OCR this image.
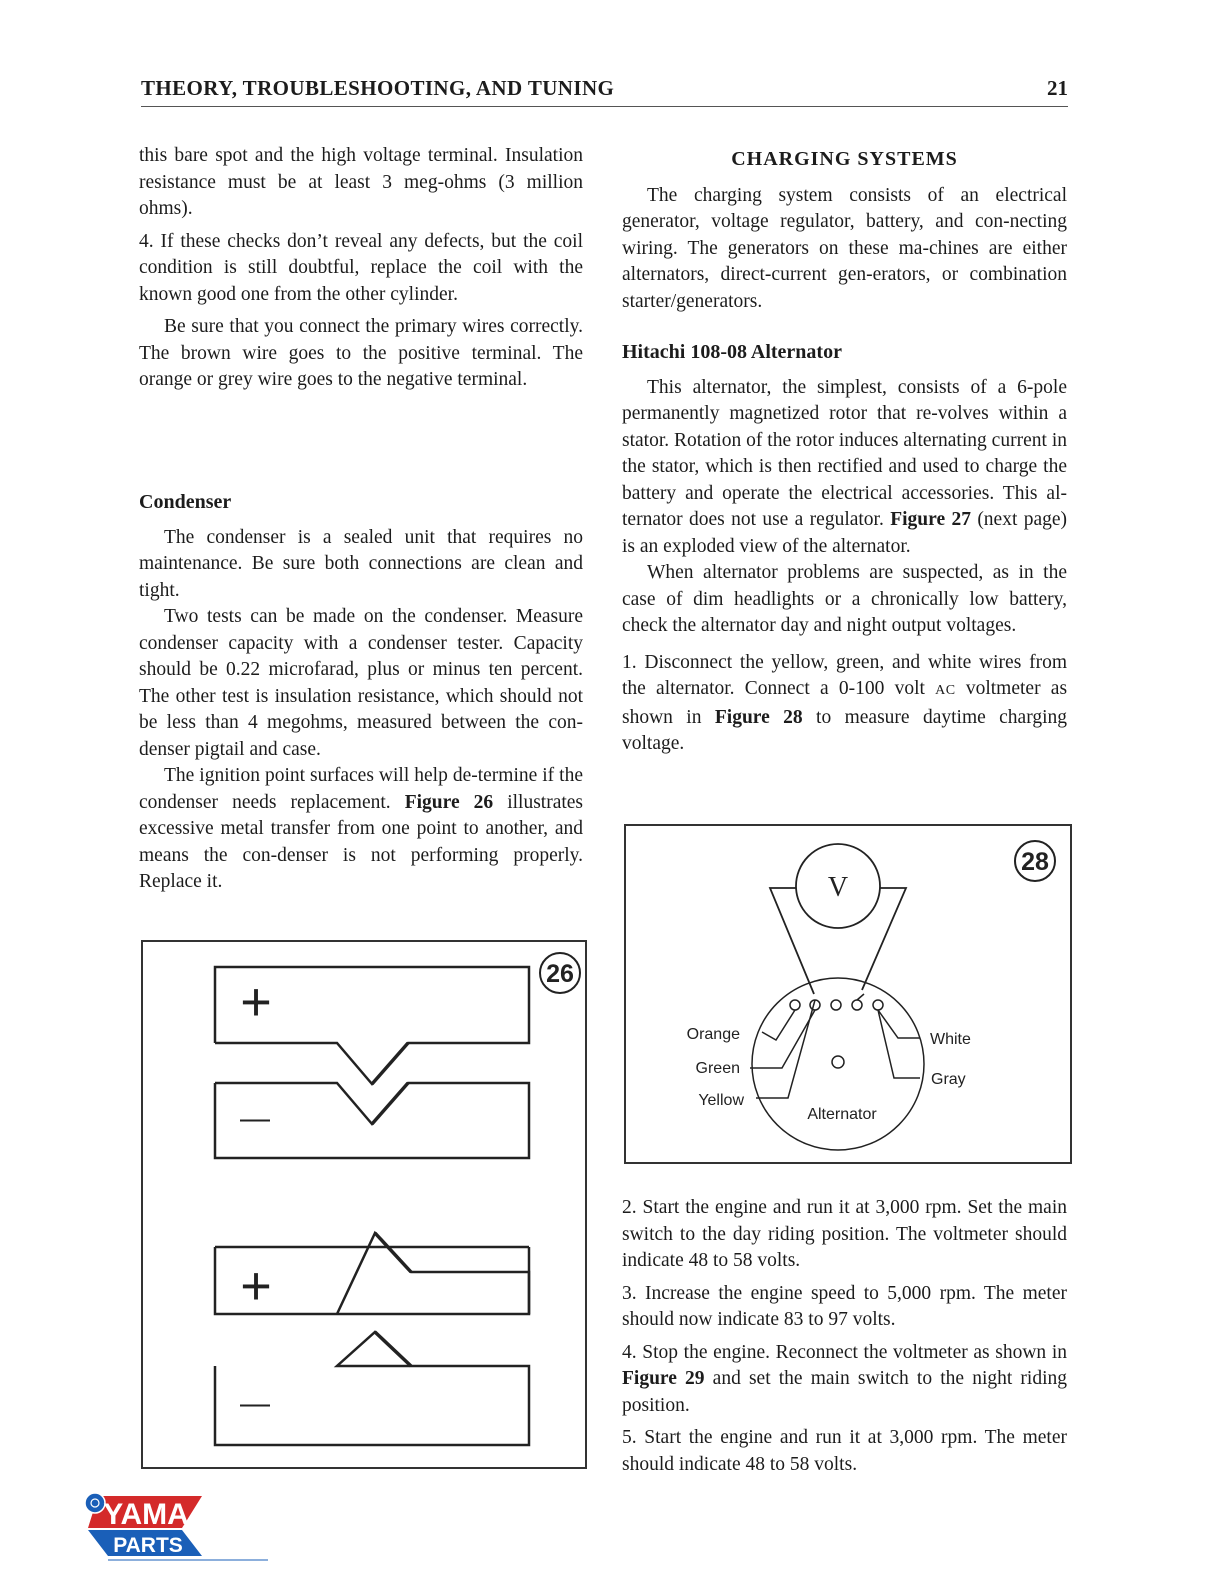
THEORY, TROUBLESHOOTING, AND TUNING	21

this bare spot and the high voltage terminal. Insulation resistance must be at least 3 meg-ohms (3 million ohms).

4. If these checks don’t reveal any defects, but the coil condition is still doubtful, replace the coil with the known good one from the other cylinder.

Be sure that you connect the primary wires correctly. The brown wire goes to the positive terminal. The orange or grey wire goes to the negative terminal.

Condenser

The condenser is a sealed unit that requires no maintenance. Be sure both connections are clean and tight.

Two tests can be made on the condenser. Measure condenser capacity with a condenser tester. Capacity should be 0.22 microfarad, plus or minus ten percent. The other test is insulation resistance, which should not be less than 4 megohms, measured between the con-denser pigtail and case.

The ignition point surfaces will help de-termine if the condenser needs replacement. Figure 26 illustrates excessive metal transfer from one point to another, and means the con-denser is not performing properly. Replace it.

26
+
—
+
—
CHARGING SYSTEMS

The charging system consists of an electrical generator, voltage regulator, battery, and con-necting wiring. The generators on these ma-chines are either alternators, direct-current gen-erators, or combination starter/generators.

Hitachi 108-08 Alternator

This alternator, the simplest, consists of a 6-pole permanently magnetized rotor that re-volves within a stator. Rotation of the rotor induces alternating current in the stator, which is then rectified and used to charge the battery and operate the electrical accessories. This al-ternator does not use a regulator. Figure 27 (next page) is an exploded view of the alternator.

When alternator problems are suspected, as in the case of dim headlights or a chronically low battery, check the alternator day and night output voltages.

1. Disconnect the yellow, green, and white wires from the alternator. Connect a 0-100 volt AC voltmeter as shown in Figure 28 to measure daytime charging voltage.

28
V
Orange
Green
Yellow
White
Gray
Alternator

2. Start the engine and run it at 3,000 rpm. Set the main switch to the day riding position. The voltmeter should indicate 48 to 58 volts.

3. Increase the engine speed to 5,000 rpm. The meter should now indicate 83 to 97 volts.

4. Stop the engine. Reconnect the voltmeter as shown in Figure 29 and set the main switch to the night riding position.

5. Start the engine and run it at 3,000 rpm. The meter should indicate 48 to 58 volts.

YAMA
PARTS
